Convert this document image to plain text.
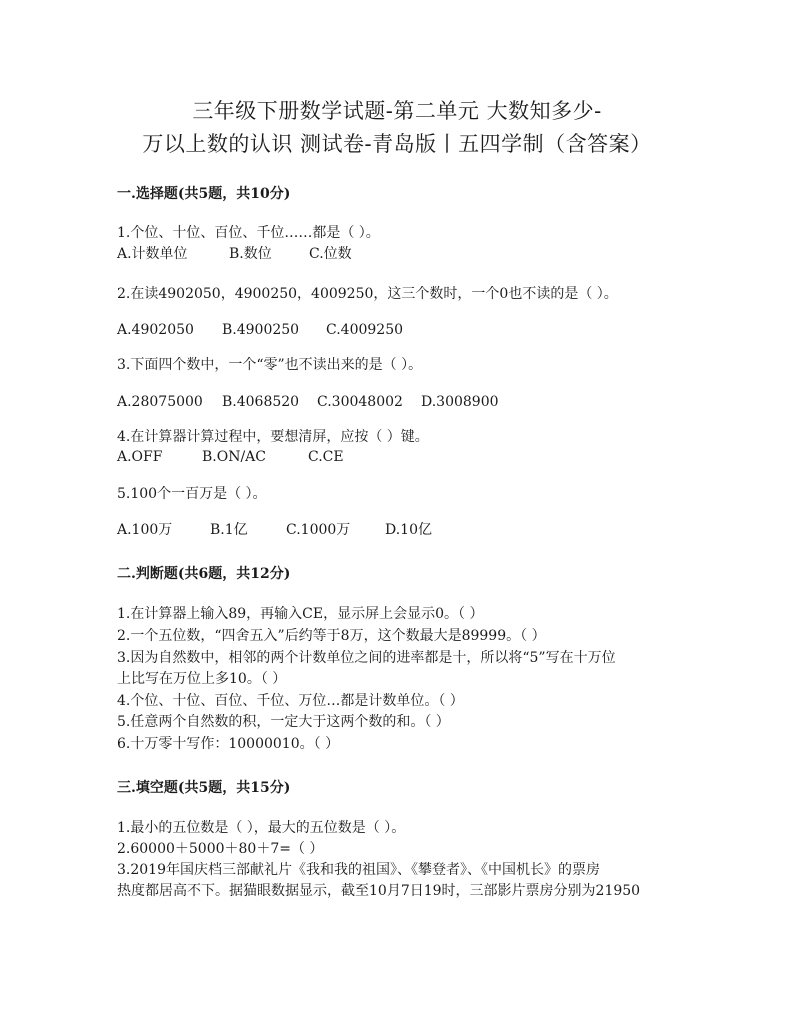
三年级下册数学试题-第二单元 大数知多少-
万以上数的认识 测试卷-青岛版丨五四学制（含答案）
一.选择题(共5题，共10分)
1.个位、十位、百位、千位……都是（ ）。
A.计数单位	B.数位	C.位数
2.在读4902050，4900250，4009250，这三个数时，一个0也不读的是（ ）。
A.4902050 B.4900250 C.4009250
3.下面四个数中，一个“零”也不读出来的是（ ）。
A.28075000 B.4068520 C.30048002 D.3008900
4.在计算器计算过程中，要想清屏，应按（ ）键。
A.OFF	B.ON/AC	C.CE
5.100个一百万是（ ）。
A.100万	B.1亿	C.1000万 D.10亿
二.判断题(共6题，共12分)
1.在计算器上输入89，再输入CE，显示屏上会显示0。（ ）
2.一个五位数，“四舍五入”后约等于8万，这个数最大是89999。（ ）
3.因为自然数中，相邻的两个计数单位之间的进率都是十，所以将“5”写在十万位
上比写在万位上多10。（ ）
4.个位、十位、百位、千位、万位…都是计数单位。（ ）
5.任意两个自然数的积，一定大于这两个数的和。（ ）
6.十万零十写作：10000010。（ ）
三.填空题(共5题，共15分)
1.最小的五位数是（ ），最大的五位数是（ ）。
2.60000＋5000＋80＋7=（ ）
3.2019年国庆档三部献礼片《我和我的祖国》、《攀登者》、《中国机长》的票房
热度都居高不下。据猫眼数据显示，截至10月7日19时，三部影片票房分别为21950
